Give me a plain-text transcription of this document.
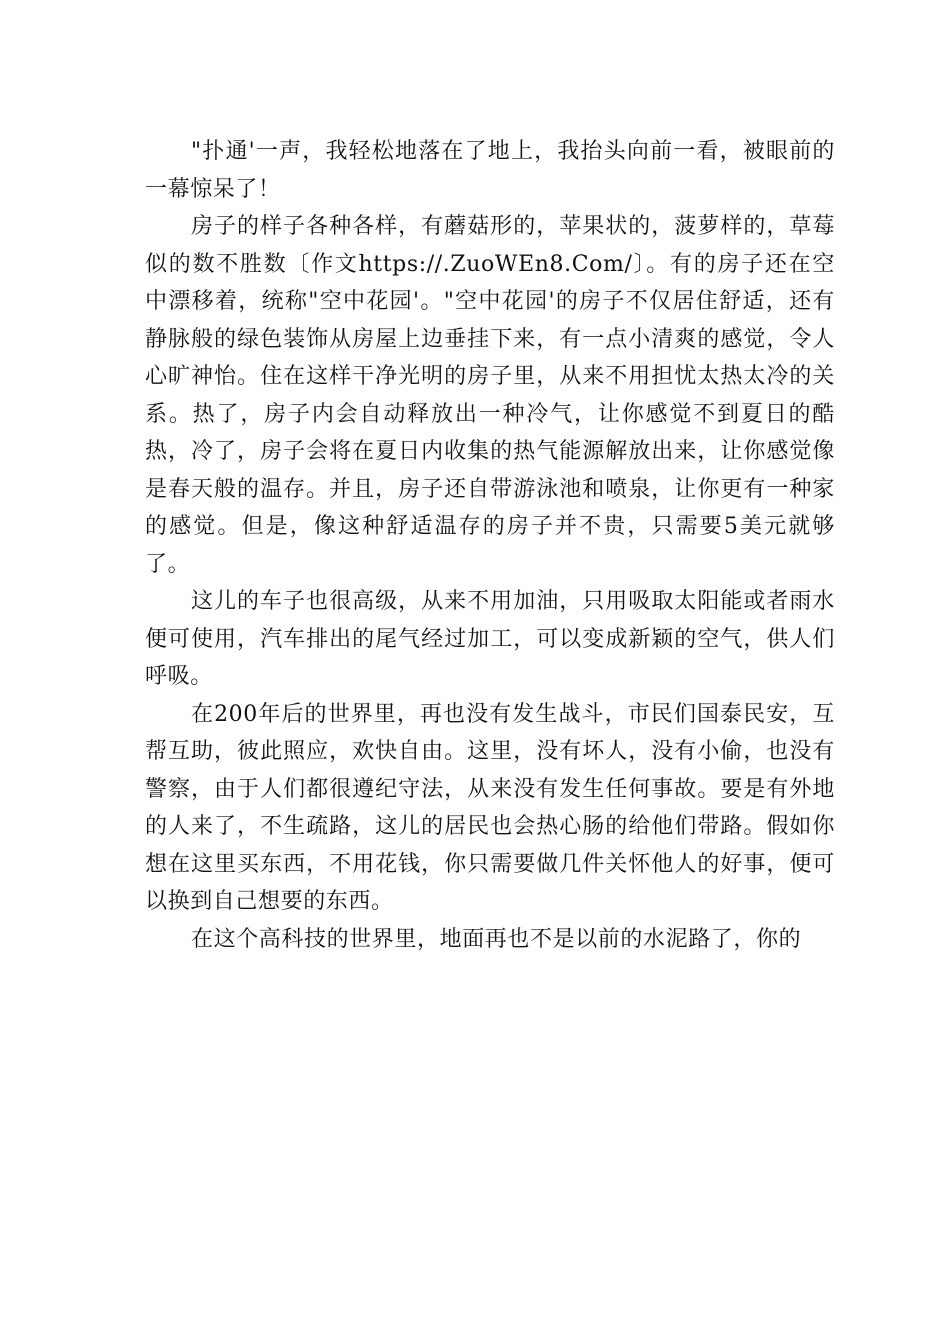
"扑通'一声，我轻松地落在了地上，我抬头向前一看，被眼前的一幕惊呆了！

房子的样子各种各样，有蘑菇形的，苹果状的，菠萝样的，草莓似的数不胜数〔作文https://.ZuoWEn8.Com/〕。有的房子还在空中漂移着，统称"空中花园'。"空中花园'的房子不仅居住舒适，还有静脉般的绿色装饰从房屋上边垂挂下来，有一点小清爽的感觉，令人心旷神怡。住在这样干净光明的房子里，从来不用担忧太热太冷的关系。热了，房子内会自动释放出一种冷气，让你感觉不到夏日的酷热，冷了，房子会将在夏日内收集的热气能源解放出来，让你感觉像是春天般的温存。并且，房子还自带游泳池和喷泉，让你更有一种家的感觉。但是，像这种舒适温存的房子并不贵，只需要5美元就够了。

这儿的车子也很高级，从来不用加油，只用吸取太阳能或者雨水便可使用，汽车排出的尾气经过加工，可以变成新颖的空气，供人们呼吸。

在200年后的世界里，再也没有发生战斗，市民们国泰民安，互帮互助，彼此照应，欢快自由。这里，没有坏人，没有小偷，也没有警察，由于人们都很遵纪守法，从来没有发生任何事故。要是有外地的人来了，不生疏路，这儿的居民也会热心肠的给他们带路。假如你想在这里买东西，不用花钱，你只需要做几件关怀他人的好事，便可以换到自己想要的东西。

在这个高科技的世界里，地面再也不是以前的水泥路了，你的
